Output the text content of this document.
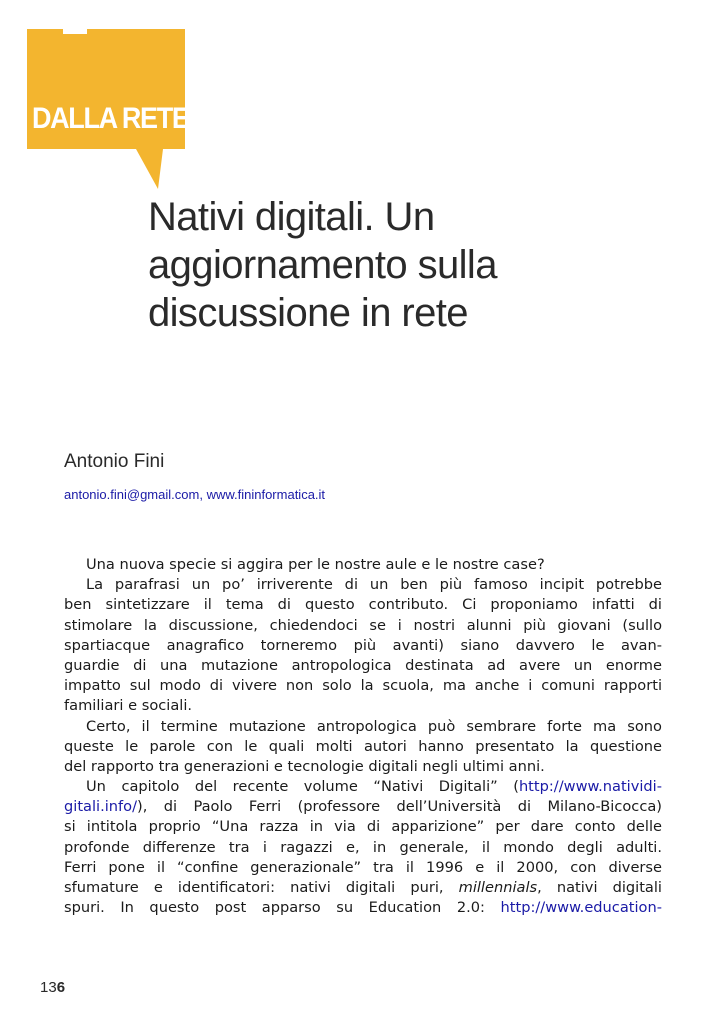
DALLA RETE
Nativi digitali. Un
aggiornamento sulla
discussione in rete

Antonio Fini

antonio.fini@gmail.com, www.fininformatica.it
Una nuova specie si aggira per le nostre aule e le nostre case?
La parafrasi un po’ irriverente di un ben più famoso incipit potrebbe
ben sintetizzare il tema di questo contributo. Ci proponiamo infatti di
stimolare la discussione, chiedendoci se i nostri alunni più giovani (sullo
spartiacque anagrafico torneremo più avanti) siano davvero le avan-
guardie di una mutazione antropologica destinata ad avere un enorme
impatto sul modo di vivere non solo la scuola, ma anche i comuni rapporti
familiari e sociali.
Certo, il termine mutazione antropologica può sembrare forte ma sono
queste le parole con le quali molti autori hanno presentato la questione
del rapporto tra generazioni e tecnologie digitali negli ultimi anni.
Un capitolo del recente volume “Nativi Digitali” (http://www.natividi-
gitali.info/), di Paolo Ferri (professore dell’Università di Milano-Bicocca)
si intitola proprio “Una razza in via di apparizione” per dare conto delle
profonde differenze tra i ragazzi e, in generale, il mondo degli adulti.
Ferri pone il “confine generazionale” tra il 1996 e il 2000, con diverse
sfumature e identificatori: nativi digitali puri, millennials, nativi digitali
spuri. In questo post apparso su Education 2.0: http://www.education-
136
